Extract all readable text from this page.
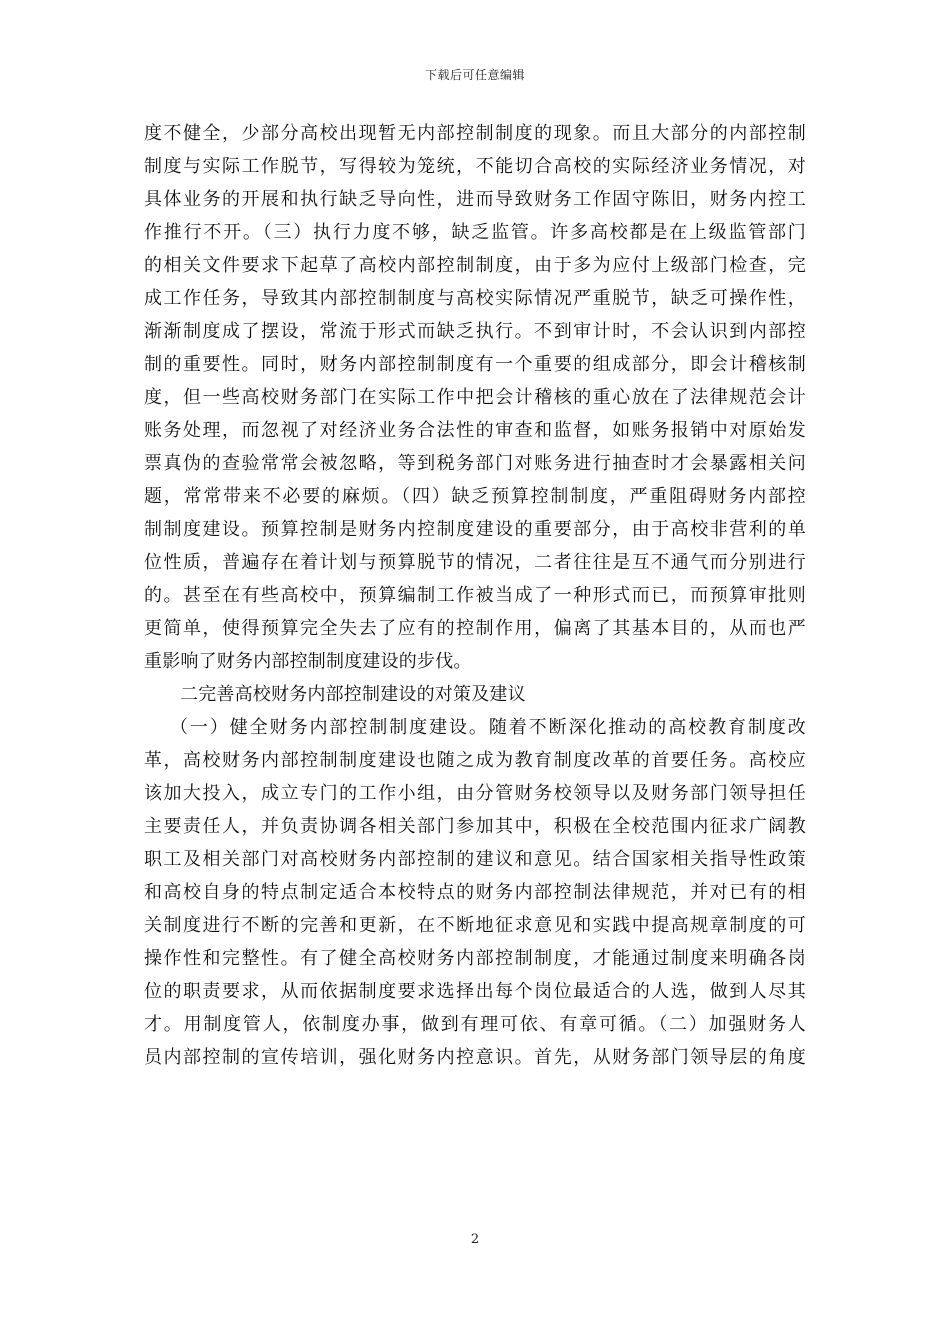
下载后可任意编辑
度不健全，少部分高校出现暂无内部控制制度的现象。而且大部分的内部控制
制度与实际工作脱节，写得较为笼统，不能切合高校的实际经济业务情况，对
具体业务的开展和执行缺乏导向性，进而导致财务工作固守陈旧，财务内控工
作推行不开。（三）执行力度不够，缺乏监管。许多高校都是在上级监管部门
的相关文件要求下起草了高校内部控制制度，由于多为应付上级部门检查，完
成工作任务，导致其内部控制制度与高校实际情况严重脱节，缺乏可操作性，
渐渐制度成了摆设，常流于形式而缺乏执行。不到审计时，不会认识到内部控
制的重要性。同时，财务内部控制制度有一个重要的组成部分，即会计稽核制
度，但一些高校财务部门在实际工作中把会计稽核的重心放在了法律规范会计
账务处理，而忽视了对经济业务合法性的审查和监督，如账务报销中对原始发
票真伪的查验常常会被忽略，等到税务部门对账务进行抽查时才会暴露相关问
题，常常带来不必要的麻烦。（四）缺乏预算控制制度，严重阻碍财务内部控
制制度建设。预算控制是财务内控制度建设的重要部分，由于高校非营利的单
位性质，普遍存在着计划与预算脱节的情况，二者往往是互不通气而分别进行
的。甚至在有些高校中，预算编制工作被当成了一种形式而已，而预算审批则
更简单，使得预算完全失去了应有的控制作用，偏离了其基本目的，从而也严
重影响了财务内部控制制度建设的步伐。
二完善高校财务内部控制建设的对策及建议
（一）健全财务内部控制制度建设。随着不断深化推动的高校教育制度改
革，高校财务内部控制制度建设也随之成为教育制度改革的首要任务。高校应
该加大投入，成立专门的工作小组，由分管财务校领导以及财务部门领导担任
主要责任人，并负责协调各相关部门参加其中，积极在全校范围内征求广阔教
职工及相关部门对高校财务内部控制的建议和意见。结合国家相关指导性政策
和高校自身的特点制定适合本校特点的财务内部控制法律规范，并对已有的相
关制度进行不断的完善和更新，在不断地征求意见和实践中提高规章制度的可
操作性和完整性。有了健全高校财务内部控制制度，才能通过制度来明确各岗
位的职责要求，从而依据制度要求选择出每个岗位最适合的人选，做到人尽其
才。用制度管人，依制度办事，做到有理可依、有章可循。（二）加强财务人
员内部控制的宣传培训，强化财务内控意识。首先，从财务部门领导层的角度
2
